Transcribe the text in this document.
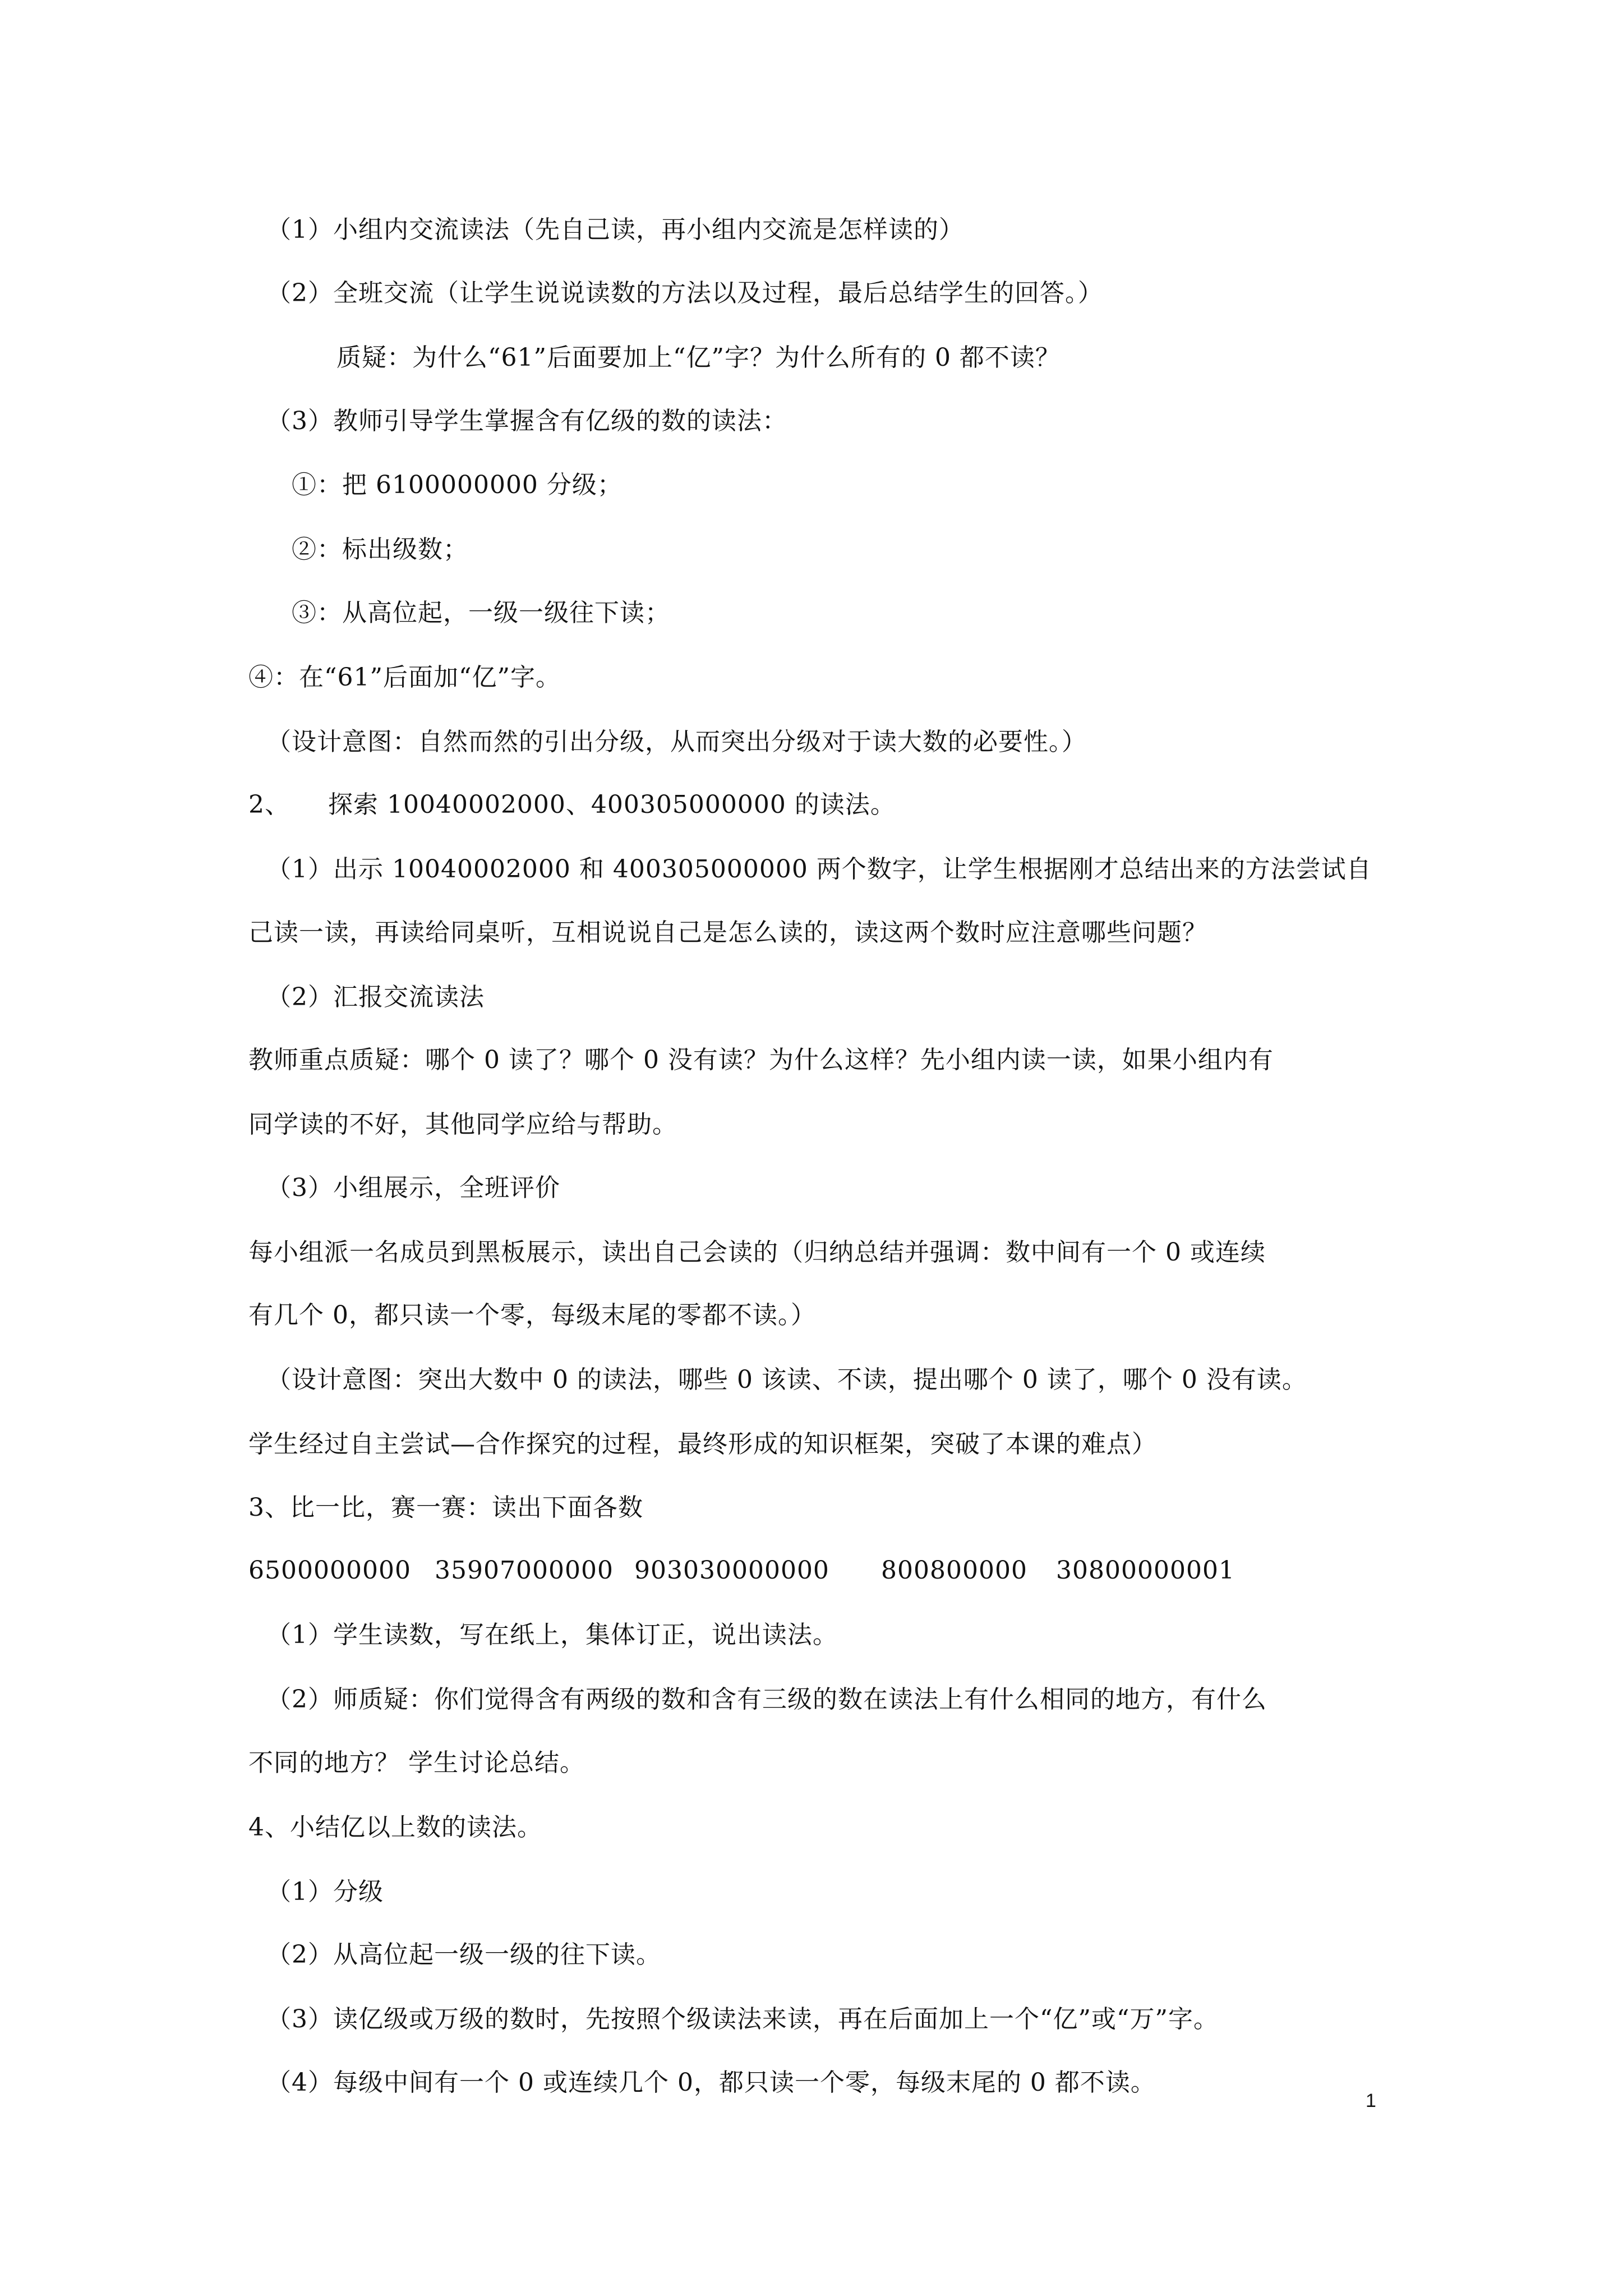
（1）小组内交流读法（先自己读，再小组内交流是怎样读的）
（2）全班交流（让学生说说读数的方法以及过程，最后总结学生的回答。）
质疑：为什么“61”后面要加上“亿”字？为什么所有的 0 都不读？
（3）教师引导学生掌握含有亿级的数的读法：
①：把 6100000000 分级；
②：标出级数；
③：从高位起，一级一级往下读；
④：在“61”后面加“亿”字。
（设计意图：自然而然的引出分级，从而突出分级对于读大数的必要性。）
2、　　探索 10040002000、400305000000 的读法。
（1）出示 10040002000 和 400305000000 两个数字，让学生根据刚才总结出来的方法尝试自
己读一读，再读给同桌听，互相说说自己是怎么读的，读这两个数时应注意哪些问题？
（2）汇报交流读法
教师重点质疑：哪个 0 读了？哪个 0 没有读？为什么这样？先小组内读一读，如果小组内有
同学读的不好，其他同学应给与帮助。
（3）小组展示，全班评价
每小组派一名成员到黑板展示，读出自己会读的（归纳总结并强调：数中间有一个 0 或连续
有几个 0，都只读一个零，每级末尾的零都不读。）
（设计意图：突出大数中 0 的读法，哪些 0 该读、不读，提出哪个 0 读了，哪个 0 没有读。
学生经过自主尝试—合作探究的过程，最终形成的知识框架，突破了本课的难点）
3、比一比，赛一赛：读出下面各数
6500000000 35907000000 903030000000 800800000 30800000001
（1）学生读数，写在纸上，集体订正，说出读法。
（2）师质疑：你们觉得含有两级的数和含有三级的数在读法上有什么相同的地方，有什么
不同的地方？ 学生讨论总结。
4、小结亿以上数的读法。
（1）分级
（2）从高位起一级一级的往下读。
（3）读亿级或万级的数时，先按照个级读法来读，再在后面加上一个“亿”或“万”字。
（4）每级中间有一个 0 或连续几个 0，都只读一个零，每级末尾的 0 都不读。
1
